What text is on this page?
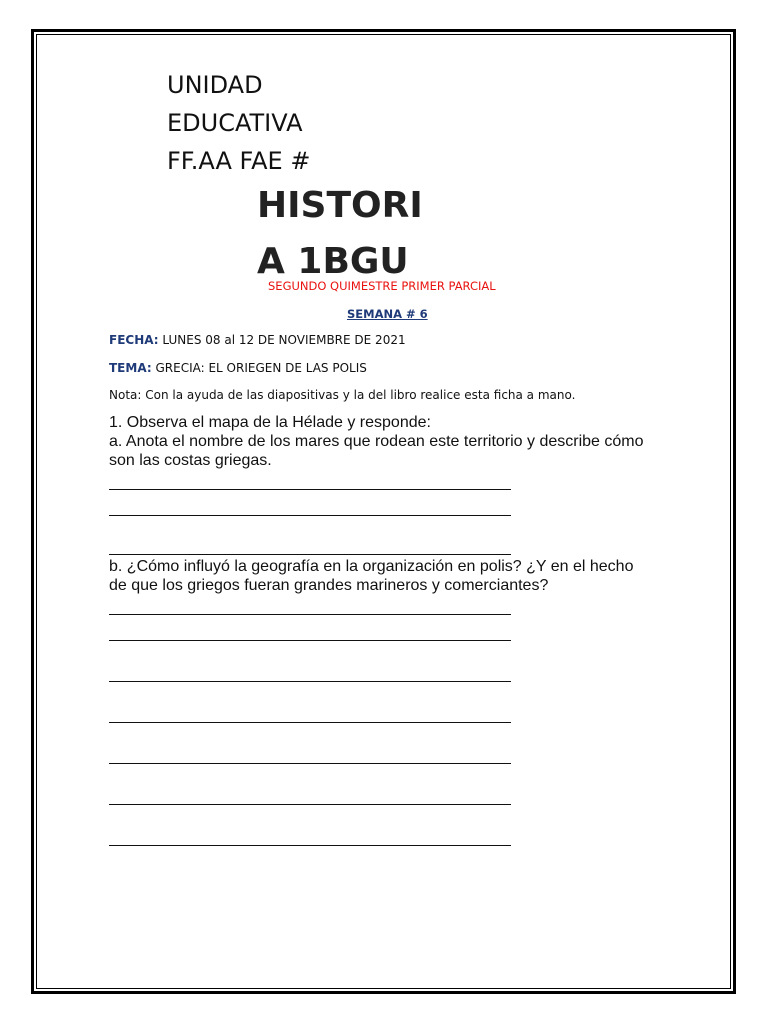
UNIDAD
EDUCATIVA
FF.AA FAE #
HISTORI
A 1BGU
SEGUNDO QUIMESTRE PRIMER PARCIAL
SEMANA # 6
FECHA: LUNES 08 al 12 DE NOVIEMBRE DE 2021
TEMA: GRECIA: EL ORIEGEN DE LAS POLIS
Nota: Con la ayuda de las diapositivas y la del libro realice esta ficha a mano.
1. Observa el mapa de la Hélade y responde:
a. Anota el nombre de los mares que rodean este territorio y describe cómo son las costas griegas.
b. ¿Cómo influyó la geografía en la organización en polis? ¿Y en el hecho de que los griegos fueran grandes marineros y comerciantes?
